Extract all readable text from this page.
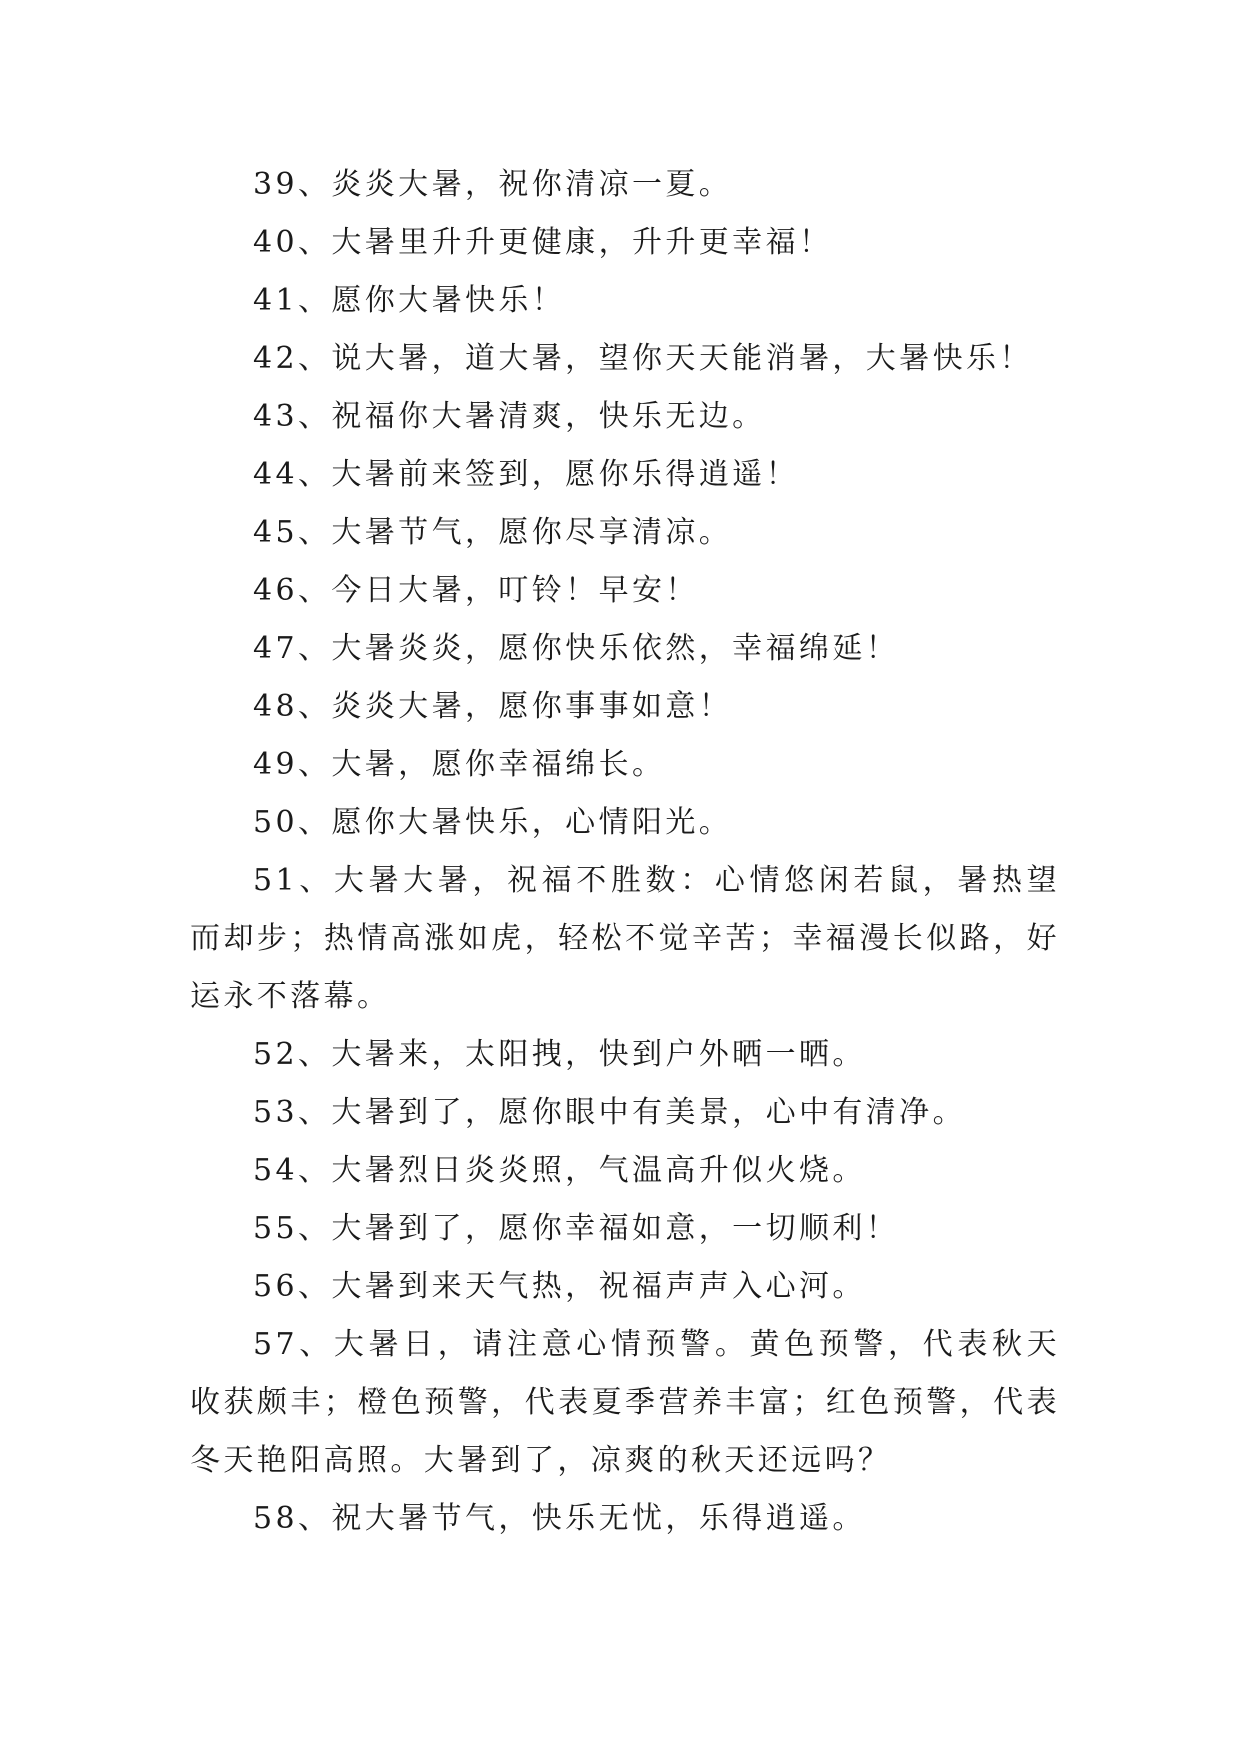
39、炎炎大暑，祝你清凉一夏。

40、大暑里升升更健康，升升更幸福！

41、愿你大暑快乐！

42、说大暑，道大暑，望你天天能消暑，大暑快乐！

43、祝福你大暑清爽，快乐无边。

44、大暑前来签到，愿你乐得逍遥！

45、大暑节气，愿你尽享清凉。

46、今日大暑，叮铃！早安！

47、大暑炎炎，愿你快乐依然，幸福绵延！

48、炎炎大暑，愿你事事如意！

49、大暑，愿你幸福绵长。

50、愿你大暑快乐，心情阳光。

51、大暑大暑，祝福不胜数：心情悠闲若鼠，暑热望而却步；热情高涨如虎，轻松不觉辛苦；幸福漫长似路，好运永不落幕。

52、大暑来，太阳拽，快到户外晒一晒。

53、大暑到了，愿你眼中有美景，心中有清净。

54、大暑烈日炎炎照，气温高升似火烧。

55、大暑到了，愿你幸福如意，一切顺利！

56、大暑到来天气热，祝福声声入心河。

57、大暑日，请注意心情预警。黄色预警，代表秋天收获颇丰；橙色预警，代表夏季营养丰富；红色预警，代表冬天艳阳高照。大暑到了，凉爽的秋天还远吗？

58、祝大暑节气，快乐无忧，乐得逍遥。
